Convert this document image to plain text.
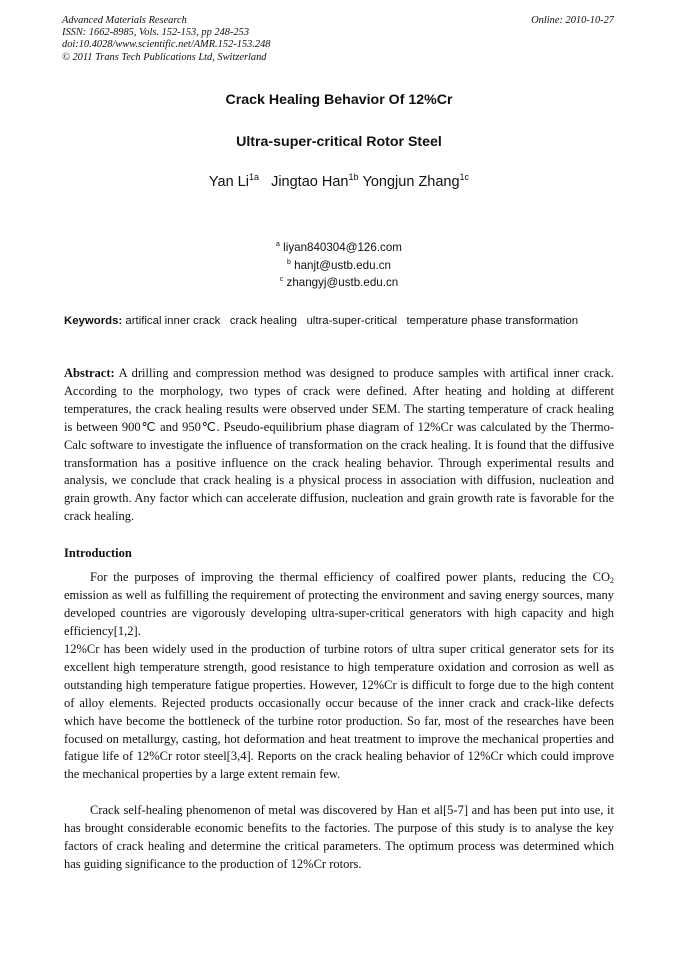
Advanced Materials Research
ISSN: 1662-8985, Vols. 152-153, pp 248-253
doi:10.4028/www.scientific.net/AMR.152-153.248
© 2011 Trans Tech Publications Ltd, Switzerland
Online: 2010-10-27
Crack Healing Behavior Of 12%Cr
Ultra-super-critical Rotor Steel
Yan $Li^{1a}$ Jingtao Han$^{1b}$ Yongjun Zhang$^{1c}$
$^a$ liyan840304@126.com
$^b$ hanjt@ustb.edu.cn
$^c$ zhangyj@ustb.edu.cn
Keywords: artifical inner crack   crack healing   ultra-super-critical   temperature phase transformation
Abstract: A drilling and compression method was designed to produce samples with artifical inner crack. According to the morphology, two types of crack were defined. After heating and holding at different temperatures, the crack healing results were observed under SEM. The starting temperature of crack healing is between 900℃ and 950℃. Pseudo-equilibrium phase diagram of 12%Cr was calculated by the Thermo-Calc software to investigate the influence of transformation on the crack healing. It is found that the diffusive transformation has a positive influence on the crack healing behavior. Through experimental results and analysis, we conclude that crack healing is a physical process in association with diffusion, nucleation and grain growth. Any factor which can accelerate diffusion, nucleation and grain growth rate is favorable for the crack healing.
Introduction
For the purposes of improving the thermal efficiency of coalfired power plants, reducing the $CO_2$ emission as well as fulfilling the requirement of protecting the environment and saving energy sources, many developed countries are vigorously developing ultra-super-critical generators with high capacity and high efficiency[1,2].
12%Cr has been widely used in the production of turbine rotors of ultra super critical generator sets for its excellent high temperature strength, good resistance to high temperature oxidation and corrosion as well as outstanding high temperature fatigue properties. However, 12%Cr is difficult to forge due to the high content of alloy elements. Rejected products occasionally occur because of the inner crack and crack-like defects which have become the bottleneck of the turbine rotor production. So far, most of the researches have been focused on metallurgy, casting, hot deformation and heat treatment to improve the mechanical properties and fatigue life of 12%Cr rotor steel[3,4]. Reports on the crack healing behavior of 12%Cr which could improve the mechanical properties by a large extent remain few.
Crack self-healing phenomenon of metal was discovered by Han et al[5-7] and has been put into use, it has brought considerable economic benefits to the factories. The purpose of this study is to analyse the key factors of crack healing and determine the critical parameters. The optimum process was determined which has guiding significance to the production of 12%Cr rotors.
